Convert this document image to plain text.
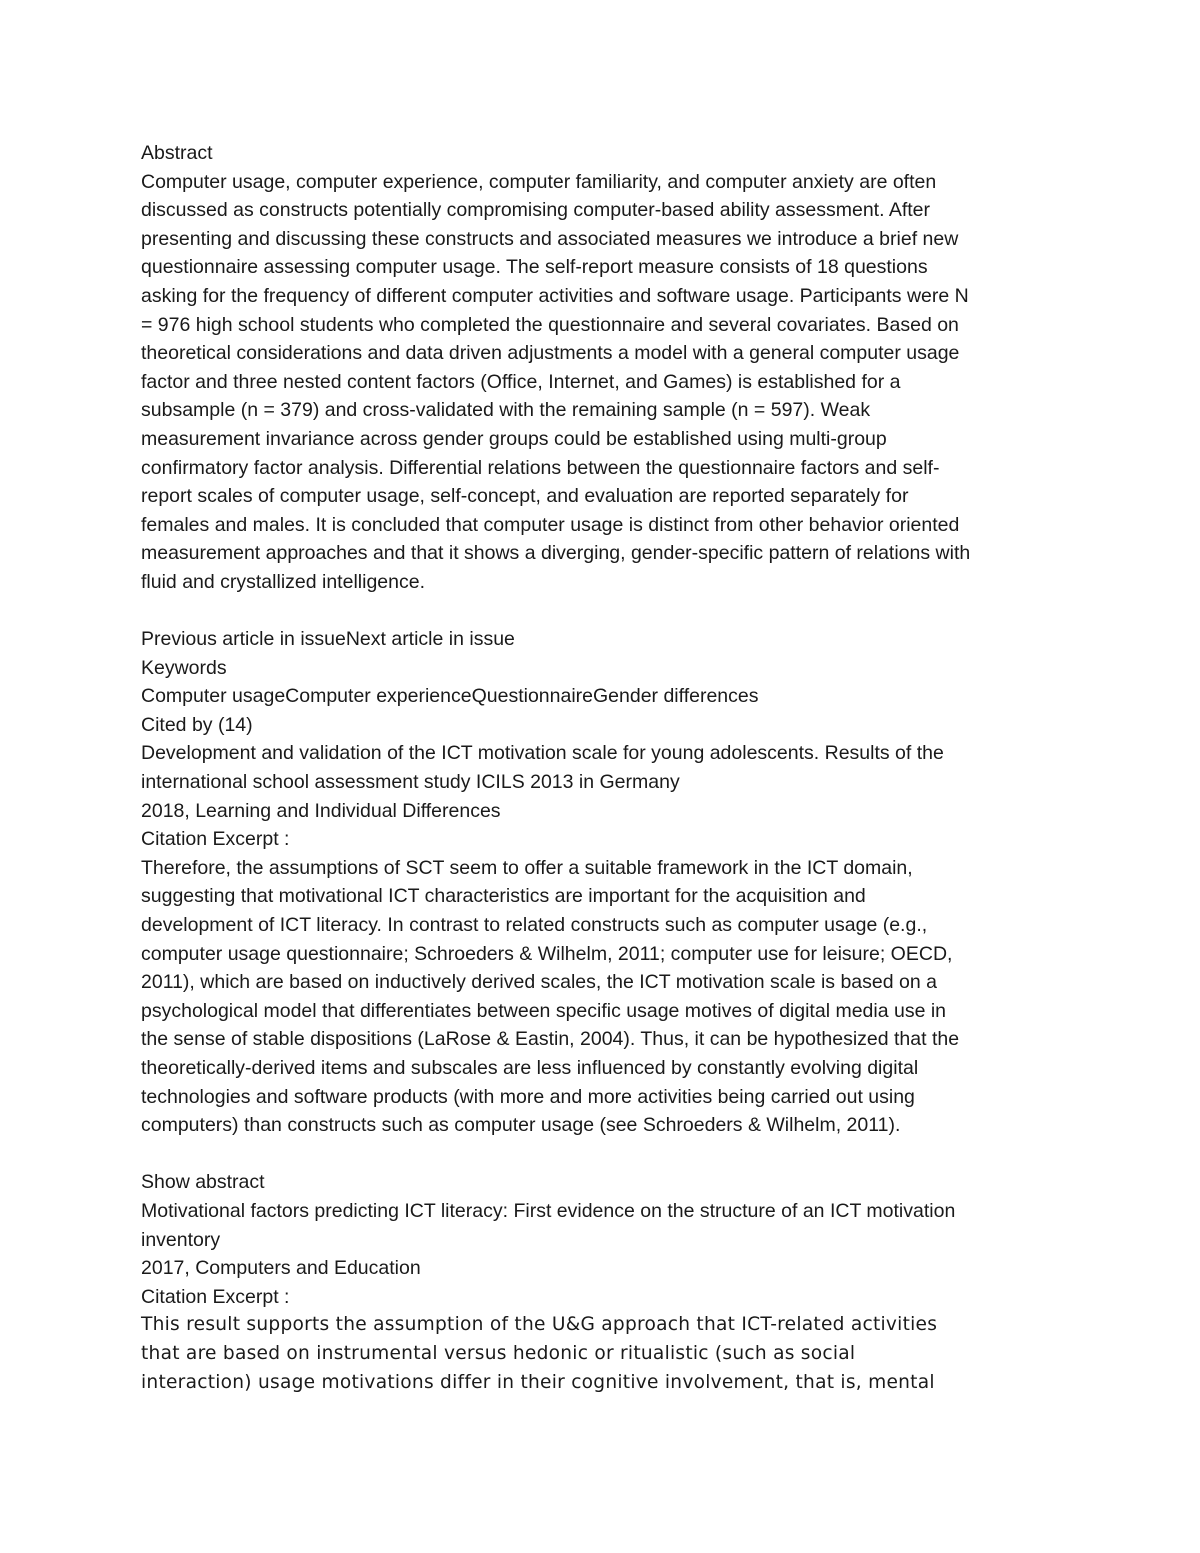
Abstract
Computer usage, computer experience, computer familiarity, and computer anxiety are often
discussed as constructs potentially compromising computer-based ability assessment. After
presenting and discussing these constructs and associated measures we introduce a brief new
questionnaire assessing computer usage. The self-report measure consists of 18 questions
asking for the frequency of different computer activities and software usage. Participants were N
= 976 high school students who completed the questionnaire and several covariates. Based on
theoretical considerations and data driven adjustments a model with a general computer usage
factor and three nested content factors (Office, Internet, and Games) is established for a
subsample (n = 379) and cross-validated with the remaining sample (n = 597). Weak
measurement invariance across gender groups could be established using multi-group
confirmatory factor analysis. Differential relations between the questionnaire factors and self-
report scales of computer usage, self-concept, and evaluation are reported separately for
females and males. It is concluded that computer usage is distinct from other behavior oriented
measurement approaches and that it shows a diverging, gender-specific pattern of relations with
fluid and crystallized intelligence.
Previous article in issueNext article in issue
Keywords
Computer usageComputer experienceQuestionnaireGender differences
Cited by (14)
Development and validation of the ICT motivation scale for young adolescents. Results of the
international school assessment study ICILS 2013 in Germany
2018, Learning and Individual Differences
Citation Excerpt :
Therefore, the assumptions of SCT seem to offer a suitable framework in the ICT domain,
suggesting that motivational ICT characteristics are important for the acquisition and
development of ICT literacy. In contrast to related constructs such as computer usage (e.g.,
computer usage questionnaire; Schroeders & Wilhelm, 2011; computer use for leisure; OECD,
2011), which are based on inductively derived scales, the ICT motivation scale is based on a
psychological model that differentiates between specific usage motives of digital media use in
the sense of stable dispositions (LaRose & Eastin, 2004). Thus, it can be hypothesized that the
theoretically-derived items and subscales are less influenced by constantly evolving digital
technologies and software products (with more and more activities being carried out using
computers) than constructs such as computer usage (see Schroeders & Wilhelm, 2011).
Show abstract
Motivational factors predicting ICT literacy: First evidence on the structure of an ICT motivation
inventory
2017, Computers and Education
Citation Excerpt :
This result supports the assumption of the U&G approach that ICT-related activities
that are based on instrumental versus hedonic or ritualistic (such as social
interaction) usage motivations differ in their cognitive involvement, that is, mental
